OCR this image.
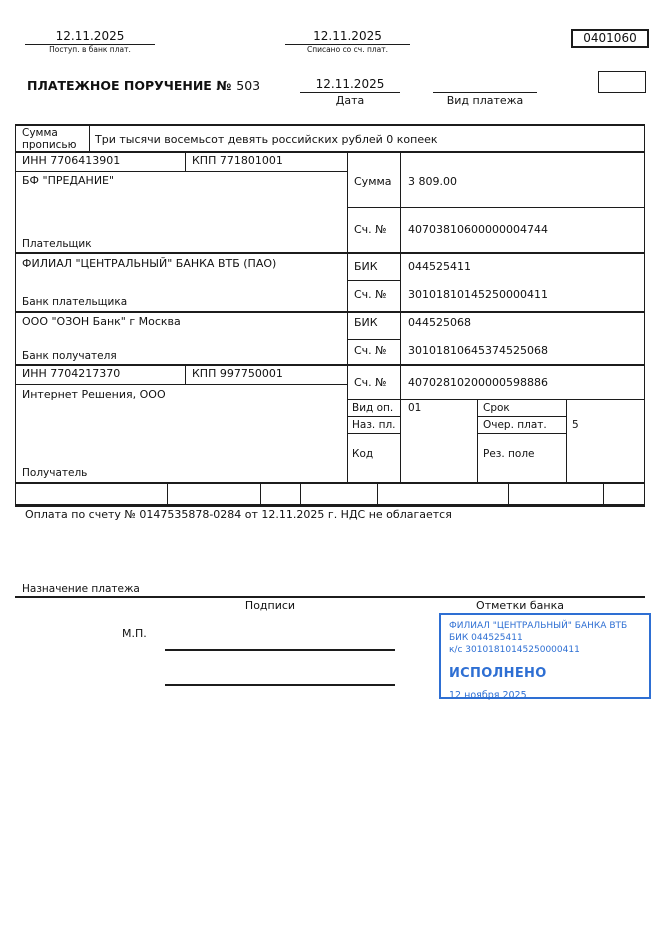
12.11.2025
Поступ. в банк плат.
12.11.2025
Списано со сч. плат.
0401060
ПЛАТЕЖНОЕ ПОРУЧЕНИЕ № 503	12.11.2025
Дата	Вид платежа
Сумма прописью	Три тысячи восемьсот девять российских рублей 0 копеек
ИНН 7706413901	КПП 771801001
БФ "ПРЕДАНИЕ"
Плательщик
Сумма 3 809.00
Сч. № 40703810600000004744
ФИЛИАЛ "ЦЕНТРАЛЬНЫЙ" БАНКА ВТБ (ПАО)
Банк плательщика
БИК	044525411
Сч. № 30101810145250000411
ООО "ОЗОН Банк" г Москва
Банк получателя
БИК	044525068
Сч. № 30101810645374525068
ИНН 7704217370	КПП 997750001
Интернет Решения, ООО
Получатель
Сч. № 40702810200000598886
Вид оп. 01	Срок
Наз. пл.	Очер. плат. 5
Код	Рез. поле
Оплата по счету № 0147535878-0284 от 12.11.2025 г. НДС не облагается
Назначение платежа
Подписи	Отметки банка
М.П.
ФИЛИАЛ "ЦЕНТРАЛЬНЫЙ" БАНКА ВТБ
БИК 044525411
к/с 30101810145250000411
ИСПОЛНЕНО
12 ноября 2025
